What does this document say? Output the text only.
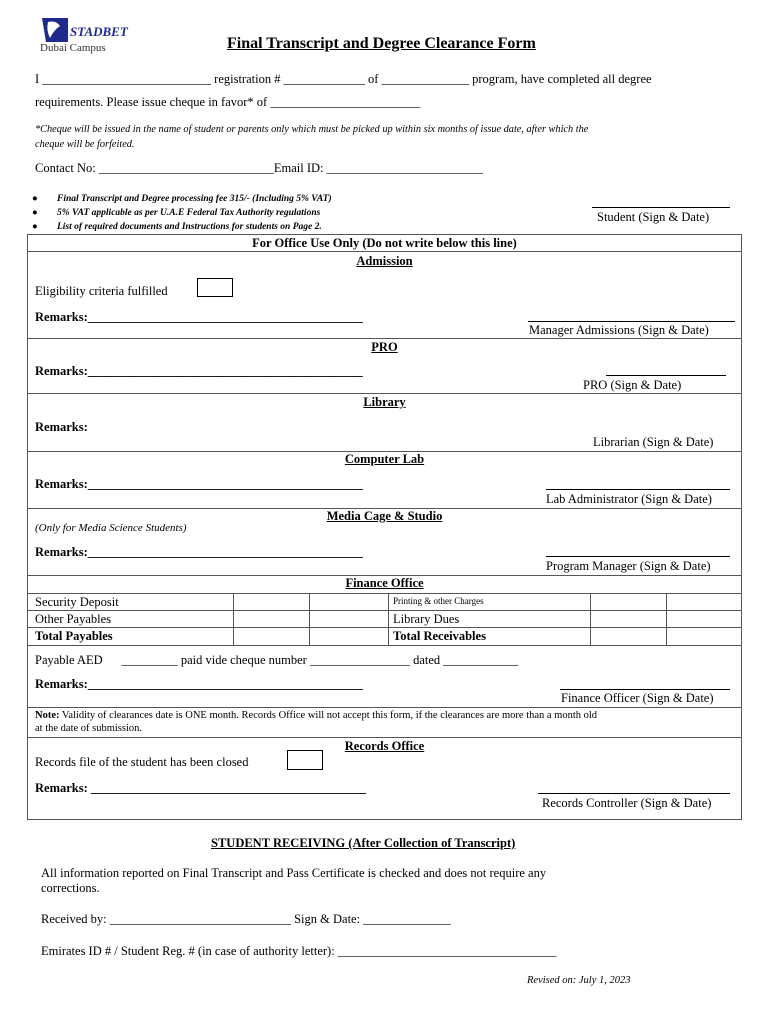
STADBET
Dubai Campus	Final Transcript and Degree Clearance Form
I ___________________________ registration # _____________ of ______________ program, have completed all degree
requirements. Please issue cheque in favor* of ________________________
*Cheque will be issued in the name of student or parents only which must be picked up within six months of issue date, after which the
cheque will be forfeited.
Contact No: ____________________________Email ID: _________________________
● Final Transcript and Degree processing fee 315/- (Including 5% VAT)
● 5% VAT applicable as per U.A.E Federal Tax Authority regulations
● List of required documents and Instructions for students on Page 2.
Student (Sign & Date)
For Office Use Only (Do not write below this line)
Admission
Eligibility criteria fulfilled
Remarks:____________________________________________
Manager Admissions (Sign & Date)
PRO
Remarks:____________________________________________
PRO (Sign & Date)
Library
Remarks:
Librarian (Sign & Date)
Computer Lab
Remarks:____________________________________________
Lab Administrator (Sign & Date)
Media Cage & Studio
(Only for Media Science Students)
Remarks:____________________________________________
Program Manager (Sign & Date)
Finance Office
Security Deposit
Other Payables
Total Payables
Printing & other Charges
Library Dues
Total Receivables
Payable AED      _________ paid vide cheque number ________________ dated ____________
Remarks:____________________________________________
Finance Officer (Sign & Date)
Note: Validity of clearances date is ONE month. Records Office will not accept this form, if the clearances are more than a month old
at the date of submission.
Records Office
Records file of the student has been closed
Remarks: ____________________________________________
Records Controller (Sign & Date)
STUDENT RECEIVING (After Collection of Transcript)
All information reported on Final Transcript and Pass Certificate is checked and does not require any
corrections.
Received by: _____________________________ Sign & Date: ______________
Emirates ID # / Student Reg. # (in case of authority letter): ___________________________________
Revised on: July 1, 2023
